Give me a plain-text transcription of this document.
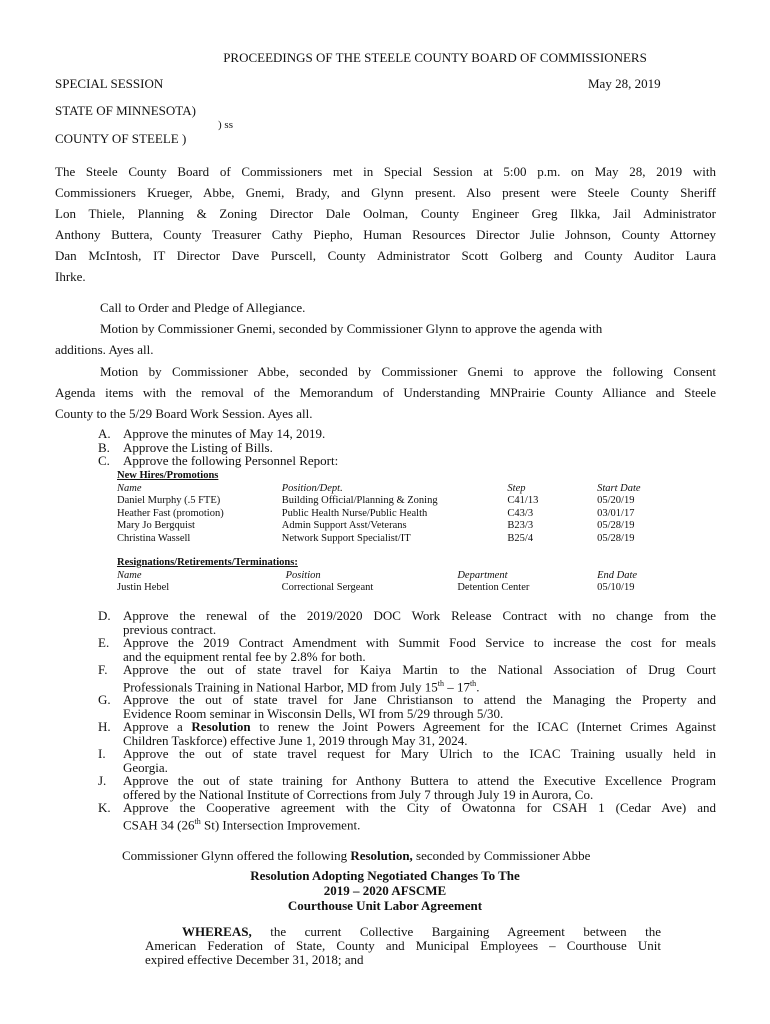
PROCEEDINGS OF THE STEELE COUNTY BOARD OF COMMISSIONERS
SPECIAL SESSION	May 28, 2019
STATE OF MINNESOTA)
) ss
COUNTY OF STEELE )
The Steele County Board of Commissioners met in Special Session at 5:00 p.m. on May 28, 2019 with
Commissioners Krueger, Abbe, Gnemi, Brady, and Glynn present. Also present were Steele County Sheriff
Lon Thiele, Planning & Zoning Director Dale Oolman, County Engineer Greg Ilkka, Jail Administrator
Anthony Buttera, County Treasurer Cathy Piepho, Human Resources Director Julie Johnson, County Attorney
Dan McIntosh, IT Director Dave Purscell, County Administrator Scott Golberg and County Auditor Laura
Ihrke.
Call to Order and Pledge of Allegiance.
Motion by Commissioner Gnemi, seconded by Commissioner Glynn to approve the agenda with
additions. Ayes all.
Motion by Commissioner Abbe, seconded by Commissioner Gnemi to approve the following Consent
Agenda items with the removal of the Memorandum of Understanding MNPrairie County Alliance and Steele
County to the 5/29 Board Work Session. Ayes all.
A. Approve the minutes of May 14, 2019.
B. Approve the Listing of Bills.
C. Approve the following Personnel Report:
New Hires/Promotions			
Name	Position/Dept.	Step	Start Date
Daniel Murphy (.5 FTE)	Building Official/Planning & Zoning	C41/13	05/20/19
Heather Fast (promotion)	Public Health Nurse/Public Health	C43/3	03/01/17
Mary Jo Bergquist	Admin Support Asst/Veterans	B23/3	05/28/19
Christina Wassell	Network Support Specialist/IT	B25/4	05/28/19
Resignations/Retirements/Terminations:			
Name	Position	Department	End Date
Justin Hebel	Correctional Sergeant	Detention Center	05/10/19
D. Approve the renewal of the 2019/2020 DOC Work Release Contract with no change from the
previous contract.
E. Approve the 2019 Contract Amendment with Summit Food Service to increase the cost for meals
and the equipment rental fee by 2.8% for both.
F. Approve the out of state travel for Kaiya Martin to the National Association of Drug Court
Professionals Training in National Harbor, MD from July 15th – 17th.
G. Approve the out of state travel for Jane Christianson to attend the Managing the Property and
Evidence Room seminar in Wisconsin Dells, WI from 5/29 through 5/30.
H. Approve a Resolution to renew the Joint Powers Agreement for the ICAC (Internet Crimes Against
Children Taskforce) effective June 1, 2019 through May 31, 2024.
I. Approve the out of state travel request for Mary Ulrich to the ICAC Training usually held in
Georgia.
J. Approve the out of state training for Anthony Buttera to attend the Executive Excellence Program
offered by the National Institute of Corrections from July 7 through July 19 in Aurora, Co.
K. Approve the Cooperative agreement with the City of Owatonna for CSAH 1 (Cedar Ave) and
CSAH 34 (26th St) Intersection Improvement.
Commissioner Glynn offered the following Resolution, seconded by Commissioner Abbe
Resolution Adopting Negotiated Changes To The
2019 – 2020 AFSCME
Courthouse Unit Labor Agreement
WHEREAS, the current Collective Bargaining Agreement between the
American Federation of State, County and Municipal Employees – Courthouse Unit
expired effective December 31, 2018; and
